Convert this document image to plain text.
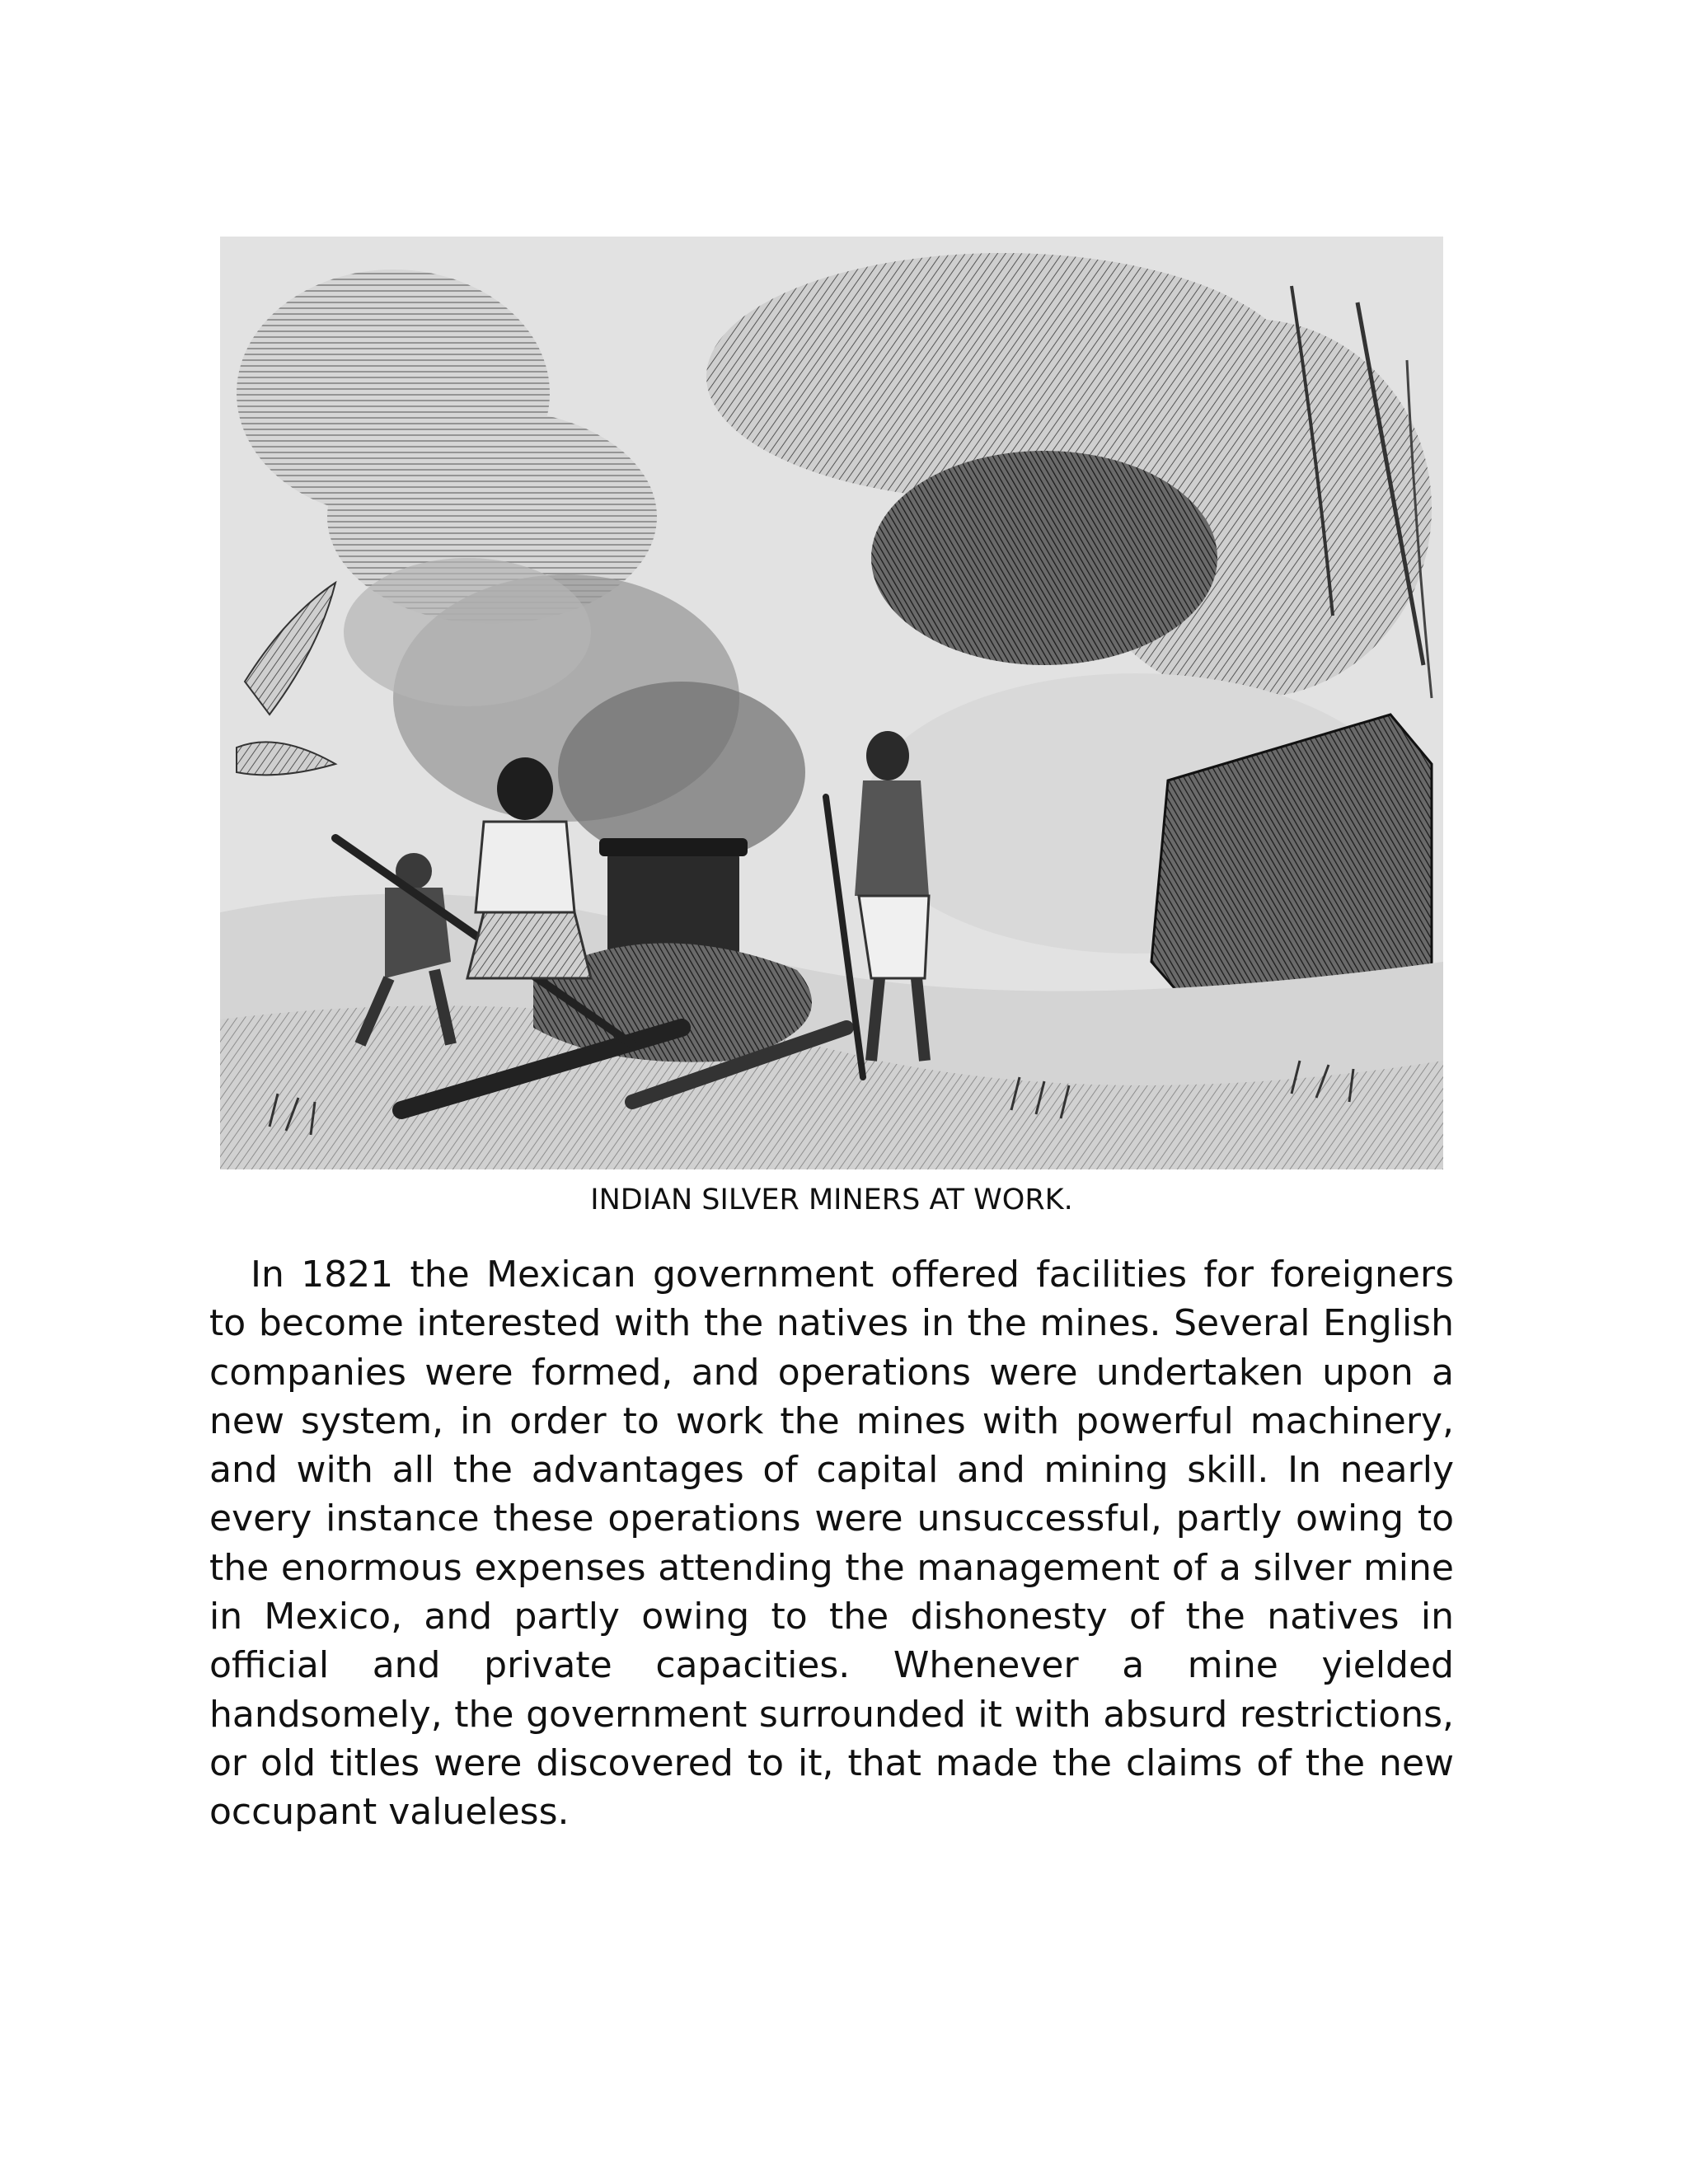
INDIAN SILVER MINERS AT WORK.

In 1821 the Mexican government offered facilities for foreigners to become interested with the natives in the mines. Several English companies were formed, and operations were undertaken upon a new system, in order to work the mines with powerful machinery, and with all the advantages of capital and mining skill. In nearly every instance these operations were unsuccessful, partly owing to the enormous expenses attending the management of a silver mine in Mexico, and partly owing to the dishonesty of the natives in official and private capacities. Whenever a mine yielded handsomely, the government surrounded it with absurd restrictions, or old titles were discovered to it, that made the claims of the new occupant valueless.
